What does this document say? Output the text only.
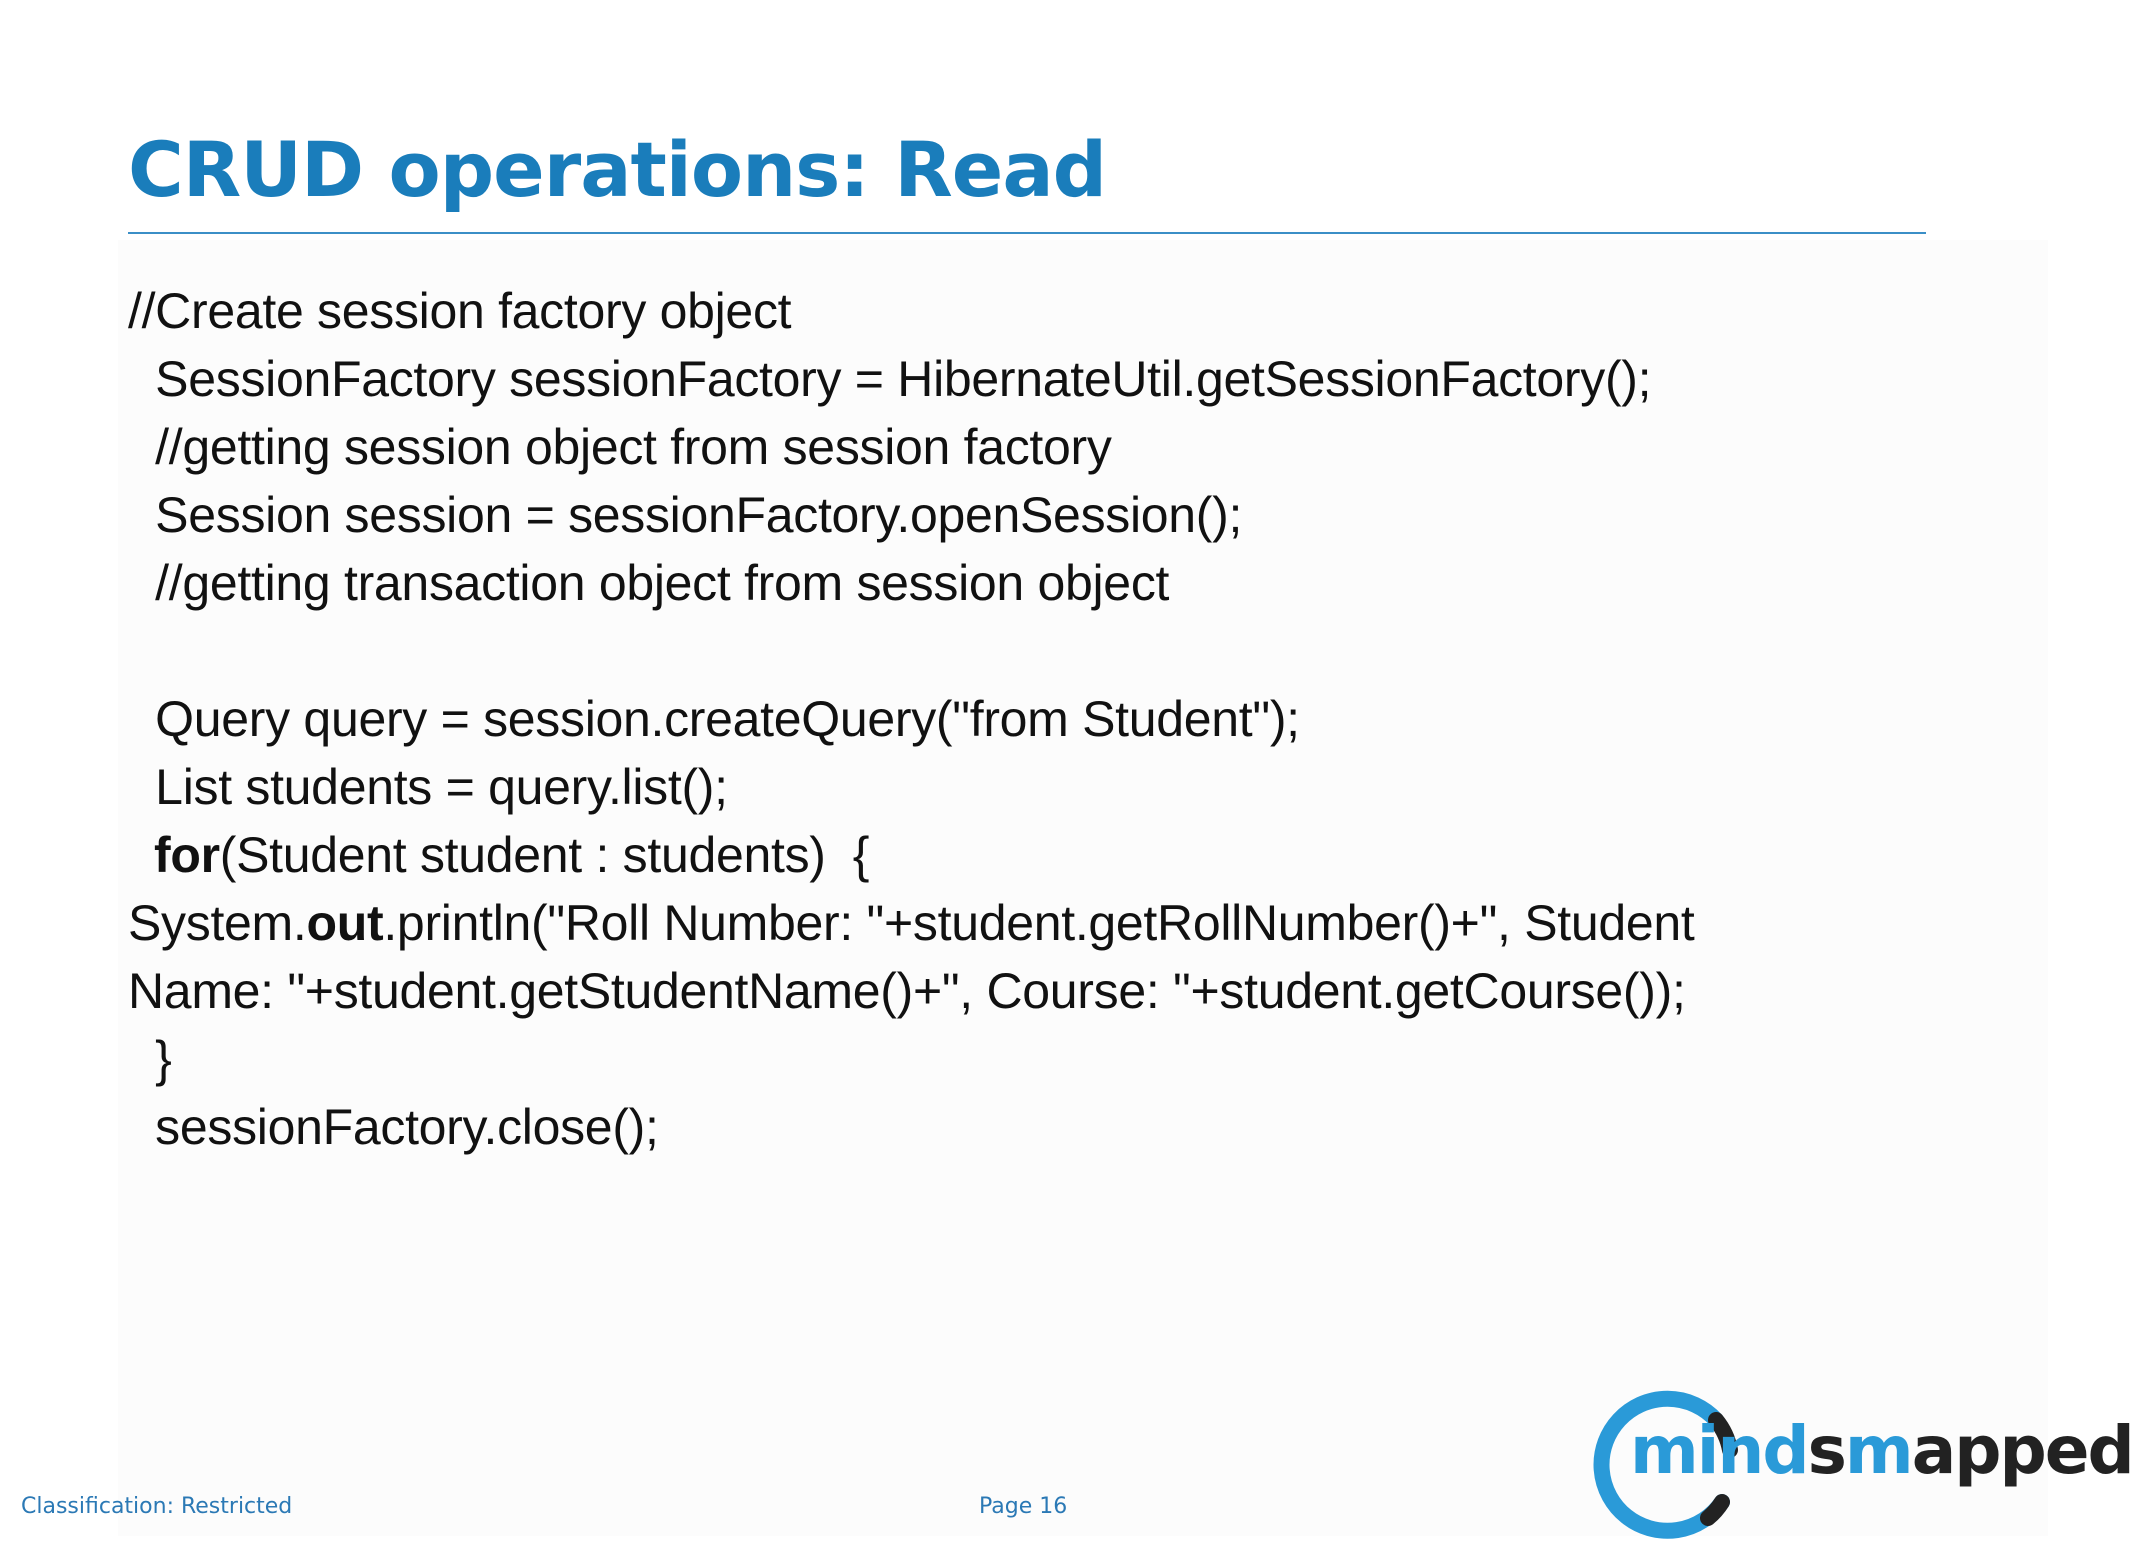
CRUD operations: Read
//Create session factory object
SessionFactory sessionFactory = HibernateUtil.getSessionFactory();
//getting session object from session factory
Session session = sessionFactory.openSession();
//getting transaction object from session object
Query query = session.createQuery("from Student");
List students = query.list();
for(Student student : students)  {
System.out.println("Roll Number: "+student.getRollNumber()+", Student
Name: "+student.getStudentName()+", Course: "+student.getCourse());
}
sessionFactory.close();
Classification: Restricted	Page 16
mindsmapped
